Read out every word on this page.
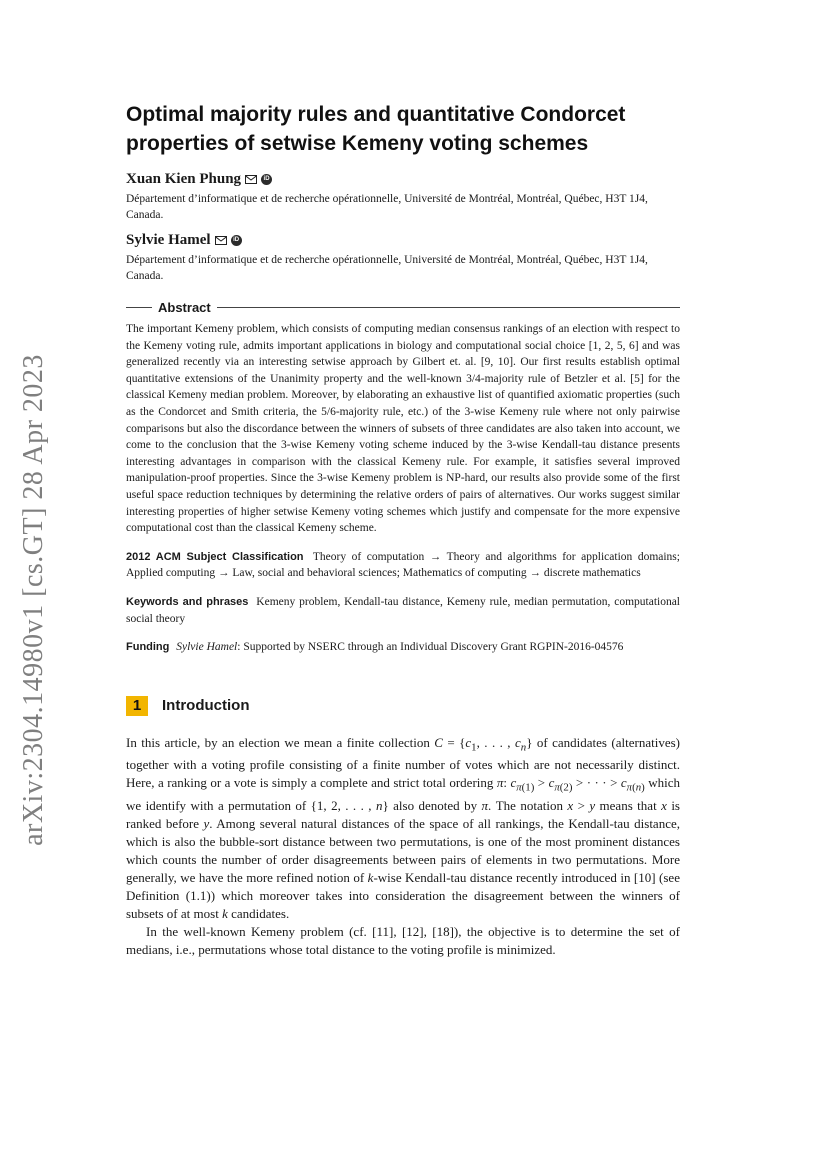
arXiv:2304.14980v1 [cs.GT] 28 Apr 2023
Optimal majority rules and quantitative Condorcet properties of setwise Kemeny voting schemes
Xuan Kien Phung	iD
Département d’informatique et de recherche opérationnelle, Université de Montréal, Montréal, Québec, H3T 1J4, Canada.
Sylvie Hamel	iD
Département d’informatique et de recherche opérationnelle, Université de Montréal, Montréal, Québec, H3T 1J4, Canada.
Abstract
The important Kemeny problem, which consists of computing median consensus rankings of an election with respect to the Kemeny voting rule, admits important applications in biology and computational social choice [1, 2, 5, 6] and was generalized recently via an interesting setwise approach by Gilbert et. al. [9, 10]. Our first results establish optimal quantitative extensions of the Unanimity property and the well-known 3/4-majority rule of Betzler et al. [5] for the classical Kemeny median problem. Moreover, by elaborating an exhaustive list of quantified axiomatic properties (such as the Condorcet and Smith criteria, the 5/6-majority rule, etc.) of the 3-wise Kemeny rule where not only pairwise comparisons but also the discordance between the winners of subsets of three candidates are also taken into account, we come to the conclusion that the 3-wise Kemeny voting scheme induced by the 3-wise Kendall-tau distance presents interesting advantages in comparison with the classical Kemeny rule. For example, it satisfies several improved manipulation-proof properties. Since the 3-wise Kemeny problem is NP-hard, our results also provide some of the first useful space reduction techniques by determining the relative orders of pairs of alternatives. Our works suggest similar interesting properties of higher setwise Kemeny voting schemes which justify and compensate for the more expensive computational cost than the classical Kemeny scheme.
2012 ACM Subject Classification Theory of computation → Theory and algorithms for application domains; Applied computing → Law, social and behavioral sciences; Mathematics of computing → discrete mathematics
Keywords and phrases Kemeny problem, Kendall-tau distance, Kemeny rule, median permutation, computational social theory
Funding Sylvie Hamel: Supported by NSERC through an Individual Discovery Grant RGPIN-2016-04576
1	Introduction

In this article, by an election we mean a finite collection $C = \{c_1$, . . . , $c_n$} of candidates (alternatives) together with a voting profile consisting of a finite number of votes which are not necessarily distinct. Here, a ranking or a vote is simply a complete and strict total ordering π: $c_{\pi(1)} > c_{\pi(2)}$ > · · · > $c_{\pi(n)}$ which we identify with a permutation of {1, 2, . . . , n} also denoted by π. The notation x > y means that x is ranked before y. Among several natural distances of the space of all rankings, the Kendall-tau distance, which is also the bubble-sort distance between two permutations, is one of the most prominent distances which counts the number of order disagreements between pairs of elements in two permutations. More generally, we have the more refined notion of k-wise Kendall-tau distance recently introduced in [10] (see Definition (1.1)) which moreover takes into consideration the disagreement between the winners of subsets of at most k candidates.

In the well-known Kemeny problem (cf. [11], [12], [18]), the objective is to determine the set of medians, i.e., permutations whose total distance to the voting profile is minimized.
